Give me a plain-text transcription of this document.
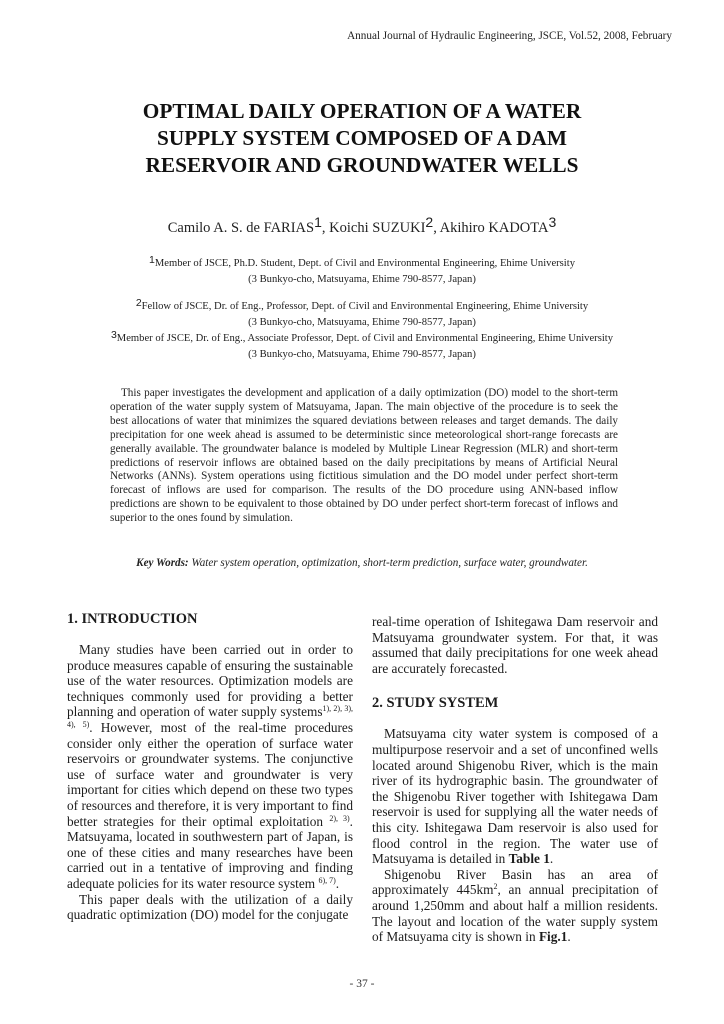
Annual Journal of Hydraulic Engineering, JSCE, Vol.52, 2008, February
OPTIMAL DAILY OPERATION OF A WATER
SUPPLY SYSTEM COMPOSED OF A DAM
RESERVOIR AND GROUNDWATER WELLS
Camilo A. S. de FARIAS$^1$, Koichi SUZUKI$^2$, Akihiro KADOTA$^3$
$^1$Member of JSCE, Ph.D. Student, Dept. of Civil and Environmental Engineering, Ehime University
(3 Bunkyo-cho, Matsuyama, Ehime 790-8577, Japan)
$^2$Fellow of JSCE, Dr. of Eng., Professor, Dept. of Civil and Environmental Engineering, Ehime University
(3 Bunkyo-cho, Matsuyama, Ehime 790-8577, Japan)
$^3$Member of JSCE, Dr. of Eng., Associate Professor, Dept. of Civil and Environmental Engineering, Ehime University
(3 Bunkyo-cho, Matsuyama, Ehime 790-8577, Japan)

This paper investigates the development and application of a daily optimization (DO) model to the short-term operation of the water supply system of Matsuyama, Japan. The main objective of the procedure is to seek the best allocations of water that minimizes the squared deviations between releases and target demands. The daily precipitation for one week ahead is assumed to be deterministic since meteorological short-range forecasts are generally available. The groundwater balance is modeled by Multiple Linear Regression (MLR) and short-term predictions of reservoir inflows are obtained based on the daily precipitations by means of Artificial Neural Networks (ANNs). System operations using fictitious simulation and the DO model under perfect short-term forecast of inflows are used for comparison. The results of the DO procedure using ANN-based inflow predictions are shown to be equivalent to those obtained by DO under perfect short-term forecast of inflows and superior to the ones found by simulation.

Key Words: Water system operation, optimization, short-term prediction, surface water, groundwater.
1. INTRODUCTION

Many studies have been carried out in order to produce measures capable of ensuring the sustainable use of the water resources. Optimization models are techniques commonly used for providing a better planning and operation of water supply systems$^{1), 2), 3), 4), 5)}$. However, most of the real-time procedures consider only either the operation of surface water reservoirs or groundwater systems. The conjunctive use of surface water and groundwater is very important for cities which depend on these two types of resources and therefore, it is very important to find better strategies for their optimal exploitation $^{2), 3)}$. Matsuyama, located in southwestern part of Japan, is one of these cities and many researches have been carried out in a tentative of improving and finding adequate policies for its water resource system $^{6), 7)}$.

This paper deals with the utilization of a daily quadratic optimization (DO) model for the conjugate

real-time operation of Ishitegawa Dam reservoir and Matsuyama groundwater system. For that, it was assumed that daily precipitations for one week ahead are accurately forecasted.

2. STUDY SYSTEM

Matsuyama city water system is composed of a multipurpose reservoir and a set of unconfined wells located around Shigenobu River, which is the main river of its hydrographic basin. The groundwater of the Shigenobu River together with Ishitegawa Dam reservoir is used for supplying all the water needs of this city. Ishitegawa Dam reservoir is also used for flood control in the region. The water use of Matsuyama is detailed in Table 1.

Shigenobu River Basin has an area of approximately $445km^2$, an annual precipitation of around 1,250mm and about half a million residents. The layout and location of the water supply system of Matsuyama city is shown in Fig.1.

- 37 -
